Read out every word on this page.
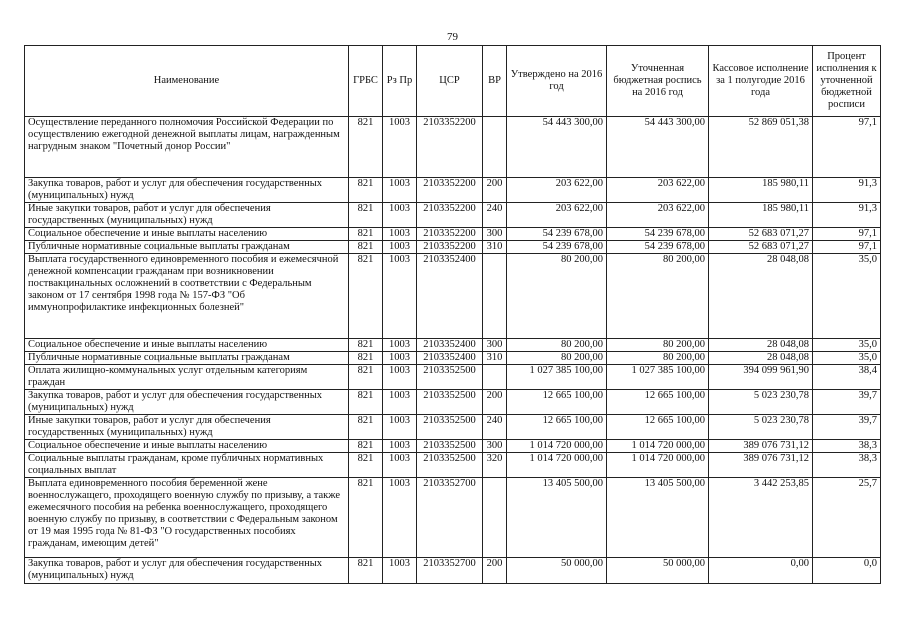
79
Наименование	ГРБС	Рз Пр	ЦСР	ВР	Утверждено на 2016 год	Уточненная бюджетная роспись на 2016 год	Кассовое исполнение за 1 полугодие 2016 года	Процент исполнения к уточненной бюджетной росписи
Осуществление переданного полномочия Российской Федерации по осуществлению ежегодной денежной выплаты лицам, награжденным нагрудным знаком "Почетный донор России"	821	1003	2103352200		54 443 300,00	54 443 300,00	52 869 051,38	97,1
Закупка товаров, работ и услуг для обеспечения государственных (муниципальных) нужд	821	1003	2103352200	200	203 622,00	203 622,00	185 980,11	91,3
Иные закупки товаров, работ и услуг для обеспечения государственных (муниципальных) нужд	821	1003	2103352200	240	203 622,00	203 622,00	185 980,11	91,3
Социальное обеспечение и иные выплаты населению	821	1003	2103352200	300	54 239 678,00	54 239 678,00	52 683 071,27	97,1
Публичные нормативные социальные выплаты гражданам	821	1003	2103352200	310	54 239 678,00	54 239 678,00	52 683 071,27	97,1
Выплата государственного единовременного пособия и ежемесячной денежной компенсации гражданам при возникновении поствакцинальных осложнений в соответствии с Федеральным законом от 17 сентября 1998 года № 157-ФЗ "Об иммунопрофилактике инфекционных болезней"	821	1003	2103352400		80 200,00	80 200,00	28 048,08	35,0
Социальное обеспечение и иные выплаты населению	821	1003	2103352400	300	80 200,00	80 200,00	28 048,08	35,0
Публичные нормативные социальные выплаты гражданам	821	1003	2103352400	310	80 200,00	80 200,00	28 048,08	35,0
Оплата жилищно-коммунальных услуг отдельным категориям граждан	821	1003	2103352500		1 027 385 100,00	1 027 385 100,00	394 099 961,90	38,4
Закупка товаров, работ и услуг для обеспечения государственных (муниципальных) нужд	821	1003	2103352500	200	12 665 100,00	12 665 100,00	5 023 230,78	39,7
Иные закупки товаров, работ и услуг для обеспечения государственных (муниципальных) нужд	821	1003	2103352500	240	12 665 100,00	12 665 100,00	5 023 230,78	39,7
Социальное обеспечение и иные выплаты населению	821	1003	2103352500	300	1 014 720 000,00	1 014 720 000,00	389 076 731,12	38,3
Социальные выплаты гражданам, кроме публичных нормативных социальных выплат	821	1003	2103352500	320	1 014 720 000,00	1 014 720 000,00	389 076 731,12	38,3
Выплата единовременного пособия беременной жене военнослужащего, проходящего военную службу по призыву, а также ежемесячного пособия на ребенка военнослужащего, проходящего военную службу по призыву, в соответствии с Федеральным законом от 19 мая 1995 года № 81-ФЗ "О государственных пособиях гражданам, имеющим детей"	821	1003	2103352700		13 405 500,00	13 405 500,00	3 442 253,85	25,7
Закупка товаров, работ и услуг для обеспечения государственных (муниципальных) нужд	821	1003	2103352700	200	50 000,00	50 000,00	0,00	0,0
